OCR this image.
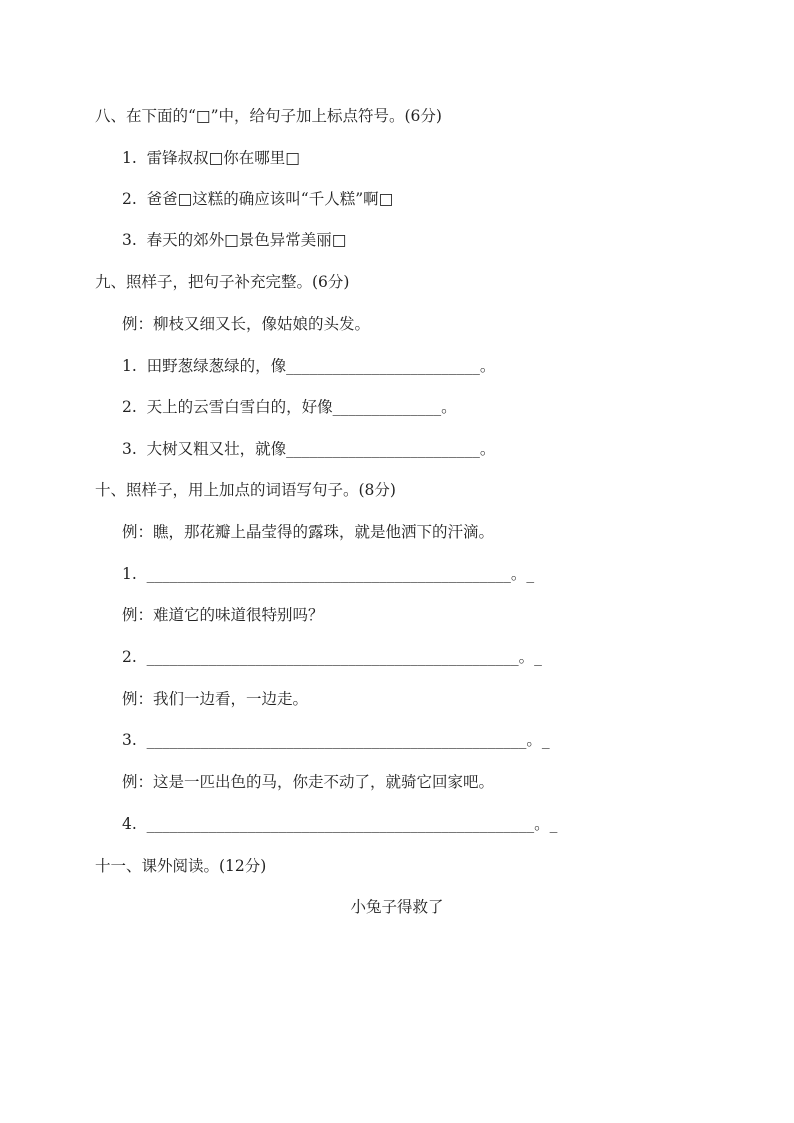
八、在下面的“□”中，给句子加上标点符号。(6分)
1.  雷锋叔叔□你在哪里□
2.  爸爸□这糕的确应该叫“千人糕”啊□
3.  春天的郊外□景色异常美丽□
九、照样子，把句子补充完整。(6分)
例：柳枝又细又长，像姑娘的头发。
1.  田野葱绿葱绿的，像_________________________。
2.  天上的云雪白雪白的，好像______________。
3.  大树又粗又壮，就像_________________________。
十、照样子，用上加点的词语写句子。(8分)
例：瞧，那花瓣上晶莹得的露珠，就是他洒下的汗滴。
1.  _______________________________________________。_
例：难道它的味道很特别吗？
2.  ________________________________________________。_
例：我们一边看，一边走。
3.  _________________________________________________。_
例：这是一匹出色的马，你走不动了，就骑它回家吧。
4.  __________________________________________________。_
十一、课外阅读。(12分)
小兔子得救了
